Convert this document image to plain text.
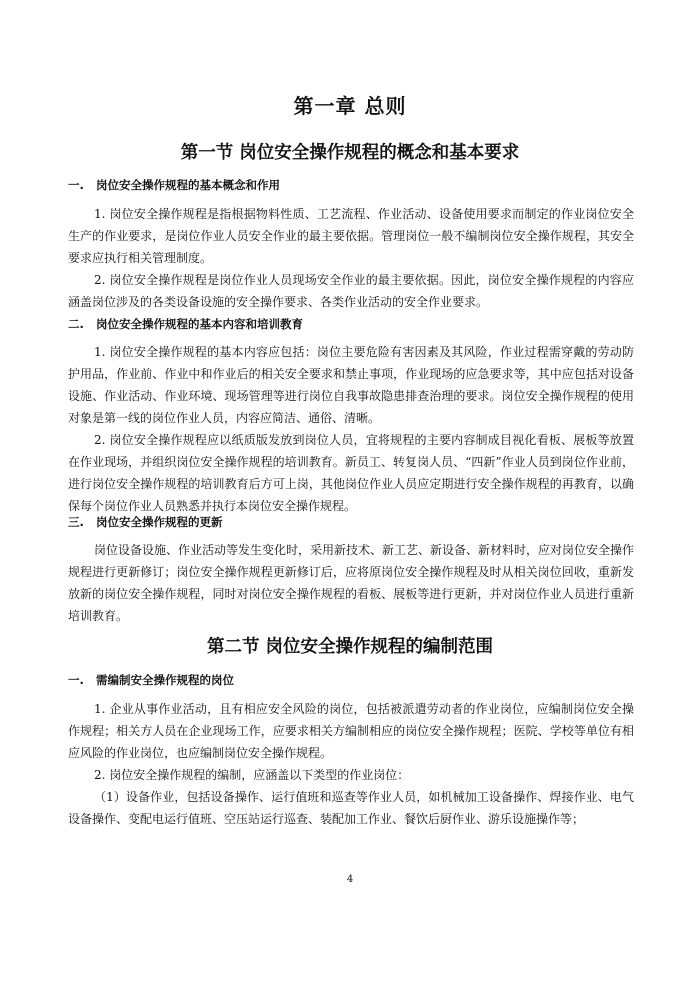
第一章 总则
第一节 岗位安全操作规程的概念和基本要求
一. 岗位安全操作规程的基本概念和作用
1. 岗位安全操作规程是指根据物料性质、工艺流程、作业活动、设备使用要求而制定的作业岗位安全生产的作业要求，是岗位作业人员安全作业的最主要依据。管理岗位一般不编制岗位安全操作规程，其安全要求应执行相关管理制度。
2. 岗位安全操作规程是岗位作业人员现场安全作业的最主要依据。因此，岗位安全操作规程的内容应涵盖岗位涉及的各类设备设施的安全操作要求、各类作业活动的安全作业要求。
二. 岗位安全操作规程的基本内容和培训教育
1. 岗位安全操作规程的基本内容应包括：岗位主要危险有害因素及其风险，作业过程需穿戴的劳动防护用品，作业前、作业中和作业后的相关安全要求和禁止事项，作业现场的应急要求等，其中应包括对设备设施、作业活动、作业环境、现场管理等进行岗位自我事故隐患排查治理的要求。岗位安全操作规程的使用对象是第一线的岗位作业人员，内容应简洁、通俗、清晰。
2. 岗位安全操作规程应以纸质版发放到岗位人员，宜将规程的主要内容制成目视化看板、展板等放置在作业现场，并组织岗位安全操作规程的培训教育。新员工、转复岗人员、“四新”作业人员到岗位作业前，进行岗位安全操作规程的培训教育后方可上岗，其他岗位作业人员应定期进行安全操作规程的再教育，以确保每个岗位作业人员熟悉并执行本岗位安全操作规程。
三. 岗位安全操作规程的更新
岗位设备设施、作业活动等发生变化时，采用新技术、新工艺、新设备、新材料时，应对岗位安全操作规程进行更新修订；岗位安全操作规程更新修订后，应将原岗位安全操作规程及时从相关岗位回收，重新发放新的岗位安全操作规程，同时对岗位安全操作规程的看板、展板等进行更新，并对岗位作业人员进行重新培训教育。
第二节 岗位安全操作规程的编制范围
一. 需编制安全操作规程的岗位
1. 企业从事作业活动，且有相应安全风险的岗位，包括被派遣劳动者的作业岗位，应编制岗位安全操作规程；相关方人员在企业现场工作，应要求相关方编制相应的岗位安全操作规程；医院、学校等单位有相应风险的作业岗位，也应编制岗位安全操作规程。
2. 岗位安全操作规程的编制，应涵盖以下类型的作业岗位：
（1）设备作业，包括设备操作、运行值班和巡查等作业人员，如机械加工设备操作、焊接作业、电气设备操作、变配电运行值班、空压站运行巡查、装配加工作业、餐饮后厨作业、游乐设施操作等；
4
